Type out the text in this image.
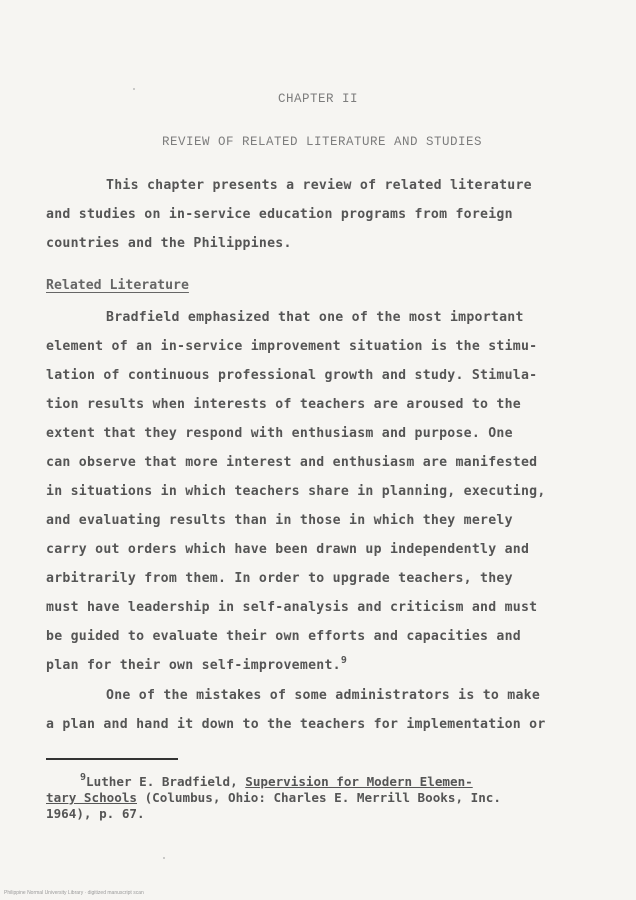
CHAPTER II
REVIEW OF RELATED LITERATURE AND STUDIES
This chapter presents a review of related literature
and studies on in-service education programs from foreign
countries and the Philippines.
Related Literature
Bradfield emphasized that one of the most important
element of an in-service improvement situation is the stimu-
lation of continuous professional growth and study. Stimula-
tion results when interests of teachers are aroused to the
extent that they respond with enthusiasm and purpose. One
can observe that more interest and enthusiasm are manifested
in situations in which teachers share in planning, executing,
and evaluating results than in those in which they merely
carry out orders which have been drawn up independently and
arbitrarily from them. In order to upgrade teachers, they
must have leadership in self-analysis and criticism and must
be guided to evaluate their own efforts and capacities and
plan for their own self-improvement.$^9$
One of the mistakes of some administrators is to make
a plan and hand it down to the teachers for implementation or
$^9$Luther E. Bradfield, Supervision for Modern Elemen-
tary Schools (Columbus, Ohio: Charles E. Merrill Books, Inc.
1964), p. 67.
Philippine Normal University Library · digitized manuscript scan
